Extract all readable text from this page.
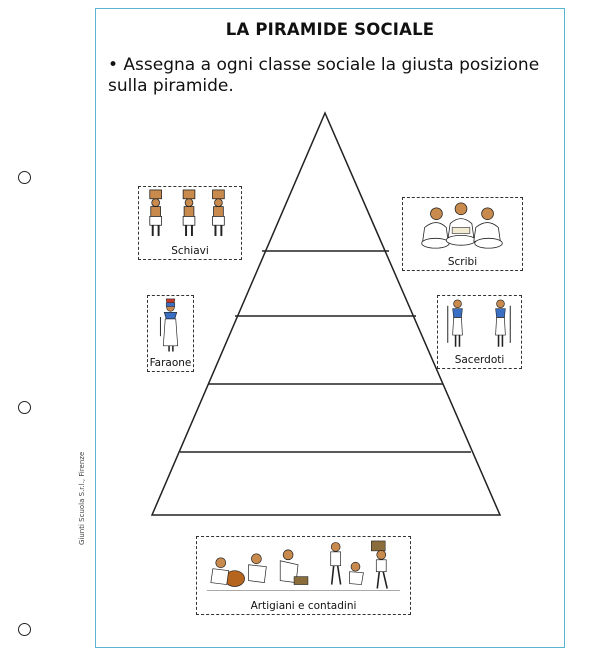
LA PIRAMIDE SOCIALE
• Assegna a ogni classe sociale la giusta posizione sulla piramide.
Schiavi
Scribi
Faraone	Sacerdoti
Artigiani e contadini
Giunti Scuola S.r.l., Firenze
